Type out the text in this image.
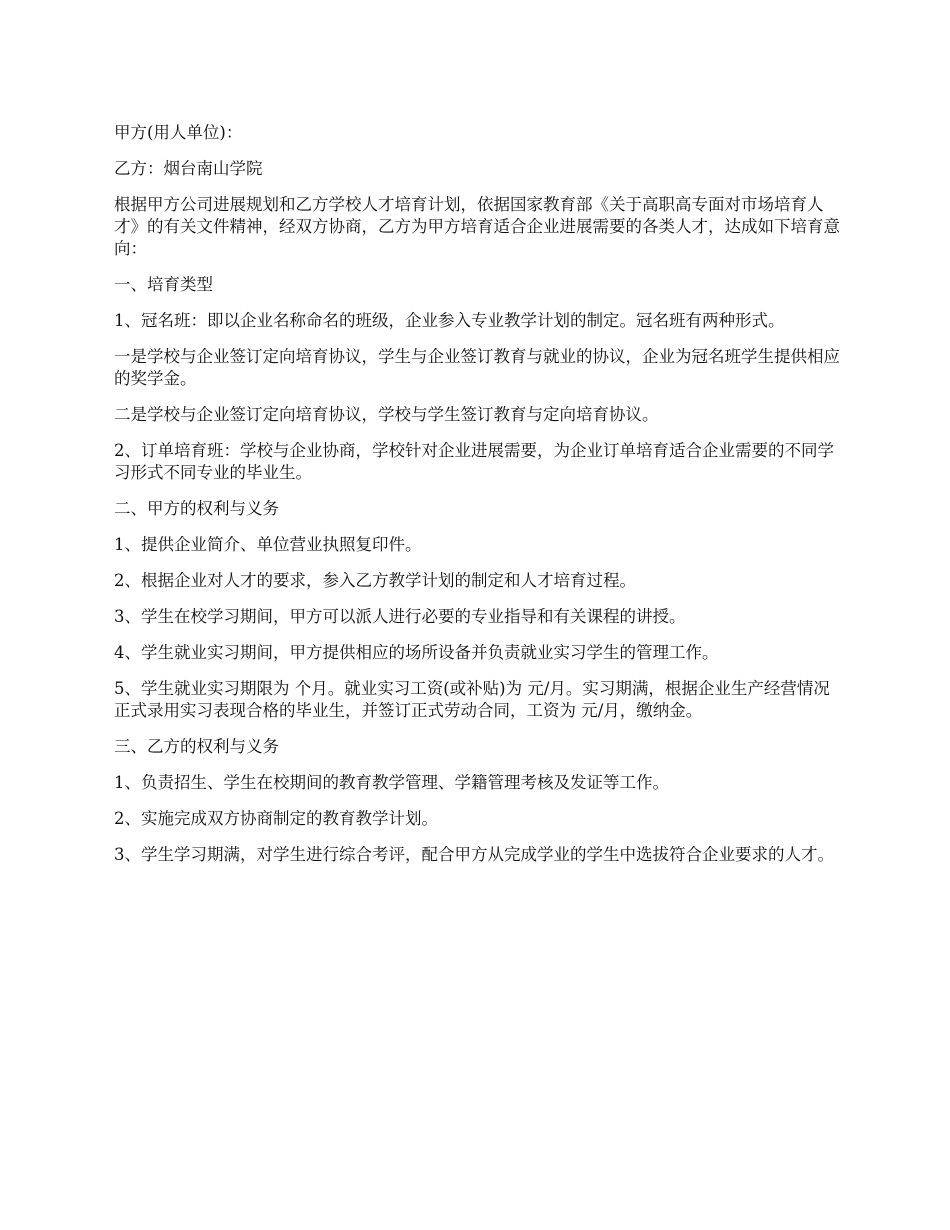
甲方(用人单位)：

乙方：烟台南山学院

根据甲方公司进展规划和乙方学校人才培育计划，依据国家教育部《关于高职高专面对市场培育人才》的有关文件精神，经双方协商，乙方为甲方培育适合企业进展需要的各类人才，达成如下培育意向：

一、培育类型

1、冠名班：即以企业名称命名的班级，企业参入专业教学计划的制定。冠名班有两种形式。

一是学校与企业签订定向培育协议，学生与企业签订教育与就业的协议，企业为冠名班学生提供相应的奖学金。

二是学校与企业签订定向培育协议，学校与学生签订教育与定向培育协议。

2、订单培育班：学校与企业协商，学校针对企业进展需要，为企业订单培育适合企业需要的不同学习形式不同专业的毕业生。

二、甲方的权利与义务

1、提供企业简介、单位营业执照复印件。

2、根据企业对人才的要求，参入乙方教学计划的制定和人才培育过程。

3、学生在校学习期间，甲方可以派人进行必要的专业指导和有关课程的讲授。

4、学生就业实习期间，甲方提供相应的场所设备并负责就业实习学生的管理工作。

5、学生就业实习期限为 个月。就业实习工资(或补贴)为 元/月。实习期满，根据企业生产经营情况正式录用实习表现合格的毕业生，并签订正式劳动合同，工资为 元/月，缴纳金。

三、乙方的权利与义务

1、负责招生、学生在校期间的教育教学管理、学籍管理考核及发证等工作。

2、实施完成双方协商制定的教育教学计划。

3、学生学习期满，对学生进行综合考评，配合甲方从完成学业的学生中选拔符合企业要求的人才。
